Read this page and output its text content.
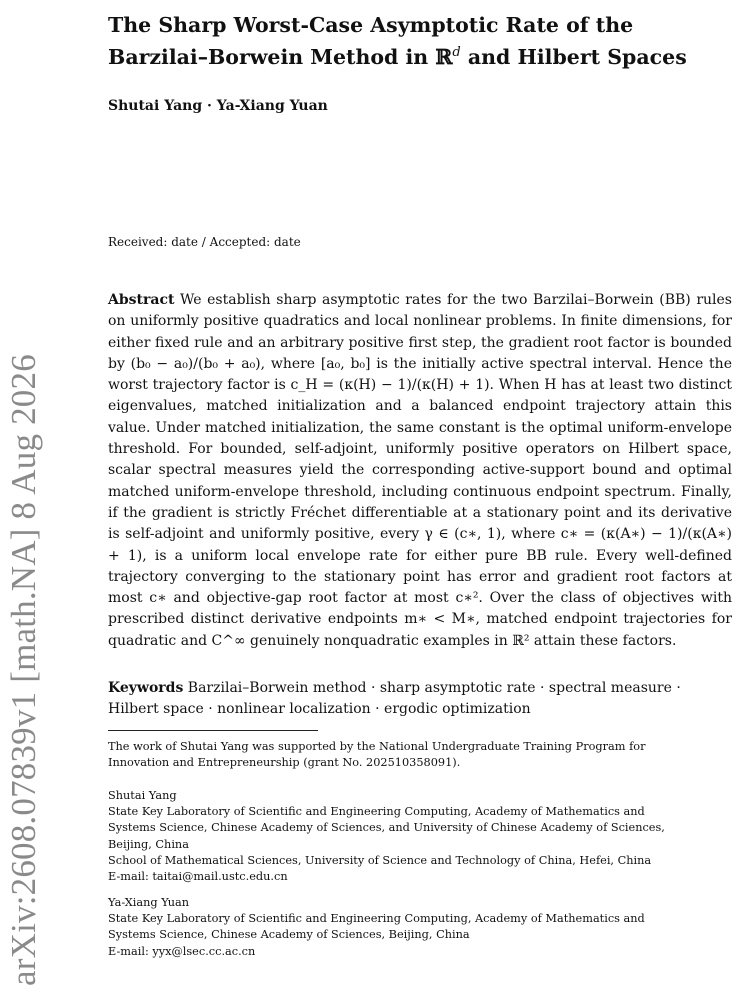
arXiv:2608.07839v1 [math.NA] 8 Aug 2026
The Sharp Worst-Case Asymptotic Rate of the
Barzilai–Borwein Method in ℝ$^d$ and Hilbert Spaces

Shutai Yang · Ya-Xiang Yuan

Received: date / Accepted: date

Abstract We establish sharp asymptotic rates for the two Barzilai–Borwein (BB) rules on uniformly positive quadratics and local nonlinear problems. In finite dimensions, for either fixed rule and an arbitrary positive first step, the gradient root factor is bounded by (b₀ − a₀)/(b₀ + a₀), where [a₀, b₀] is the initially active spectral interval. Hence the worst trajectory factor is c_H = (κ(H) − 1)/(κ(H) + 1). When H has at least two distinct eigenvalues, matched initialization and a balanced endpoint trajectory attain this value. Under matched initialization, the same constant is the optimal uniform-envelope threshold. For bounded, self-adjoint, uniformly positive operators on Hilbert space, scalar spectral measures yield the corresponding active-support bound and optimal matched uniform-envelope threshold, including continuous endpoint spectrum. Finally, if the gradient is strictly Fréchet differentiable at a stationary point and its derivative is self-adjoint and uniformly positive, every γ ∈ (c∗, 1), where c∗ = (κ(A∗) − 1)/(κ(A∗) + 1), is a uniform local envelope rate for either pure BB rule. Every well-defined trajectory converging to the stationary point has error and gradient root factors at most c∗ and objective-gap root factor at most c∗². Over the class of objectives with prescribed distinct derivative endpoints m∗ < M∗, matched endpoint trajectories for quadratic and C^∞ genuinely nonquadratic examples in ℝ² attain these factors.

Keywords Barzilai–Borwein method · sharp asymptotic rate · spectral measure · Hilbert space · nonlinear localization · ergodic optimization

The work of Shutai Yang was supported by the National Undergraduate Training Program for
Innovation and Entrepreneurship (grant No. 202510358091).

Shutai Yang
State Key Laboratory of Scientific and Engineering Computing, Academy of Mathematics and
Systems Science, Chinese Academy of Sciences, and University of Chinese Academy of Sciences,
Beijing, China
School of Mathematical Sciences, University of Science and Technology of China, Hefei, China
E-mail: taitai@mail.ustc.edu.cn

Ya-Xiang Yuan
State Key Laboratory of Scientific and Engineering Computing, Academy of Mathematics and
Systems Science, Chinese Academy of Sciences, Beijing, China
E-mail: yyx@lsec.cc.ac.cn
